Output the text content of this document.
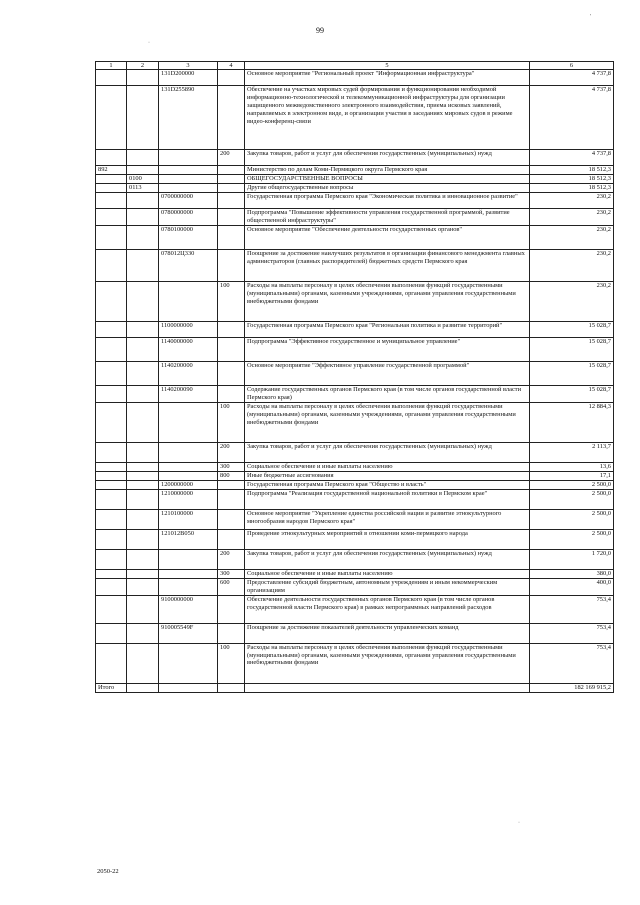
99
'
·
·
1	2	3	4	5	6
		131D200000		Основное мероприятие "Региональный проект "Информационная инфраструктура"	4 737,8
		131D255890		Обеспечение на участках мировых судей формирования и функционирования необходимой информационно-технологической и телекоммуникационной инфраструктуры для организации защищенного межведомственного электронного взаимодействия, приема исковых заявлений, направляемых в электронном виде, и организации участия в заседаниях мировых судов в режиме видео-конференц-связи	4 737,8
			200	Закупка товаров, работ и услуг для обеспечения государственных (муниципальных) нужд	4 737,8
892				Министерство по делам Коми-Пермяцкого округа Пермского края	18 512,3
	0100			ОБЩЕГОСУДАРСТВЕННЫЕ ВОПРОСЫ	18 512,3
	0113			Другие общегосударственные вопросы	18 512,3
		0700000000		Государственная программа Пермского края "Экономическая политика и инновационное развитие"	230,2
		0780000000		Подпрограмма "Повышение эффективности управления государственной программой, развитие общественной инфраструктуры"	230,2
		0780100000		Основное мероприятие "Обеспечение деятельности государственных органов"	230,2
		078012Ц330		Поощрение за достижение наилучших результатов в организации финансового менеджмента главных администраторов (главных распорядителей) бюджетных средств Пермского края	230,2
			100	Расходы на выплаты персоналу в целях обеспечения выполнения функций государственными (муниципальными) органами, казенными учреждениями, органами управления государственными внебюджетными фондами	230,2
		1100000000		Государственная программа Пермского края "Региональная политика и развитие территорий"	15 028,7
		1140000000		Подпрограмма "Эффективное государственное и муниципальное управление"	15 028,7
		1140200000		Основное мероприятие "Эффективное управление государственной программой"	15 028,7
		1140200090		Содержание государственных органов Пермского края (в том числе органов государственной власти Пермского края)	15 028,7
			100	Расходы на выплаты персоналу в целях обеспечения выполнения функций государственными (муниципальными) органами, казенными учреждениями, органами управления государственными внебюджетными фондами	12 884,3
			200	Закупка товаров, работ и услуг для обеспечения государственных (муниципальных) нужд	2 113,7
			300	Социальное обеспечение и иные выплаты населению	13,6
			800	Иные бюджетные ассигнования	17,1
		1200000000		Государственная программа Пермского края "Общество и власть"	2 500,0
		1210000000		Подпрограмма "Реализация государственной национальной политики в Пермском крае"	2 500,0
		1210100000		Основное мероприятие "Укрепление единства российской нации и развитие этнокультурного многообразия народов Пермского края"	2 500,0
		121012В050		Проведение этнокультурных мероприятий в отношении коми-пермяцкого народа	2 500,0
			200	Закупка товаров, работ и услуг для обеспечения государственных (муниципальных) нужд	1 720,0
			300	Социальное обеспечение и иные выплаты населению	380,0
			600	Предоставление субсидий бюджетным, автономным учреждениям и иным некоммерческим организациям	400,0
		9100000000		Обеспечение деятельности государственных органов Пермского края (в том числе органов государственной власти Пермского края) в рамках непрограммных направлений расходов	753,4
		910005549F		Поощрение за достижение показателей деятельности управленческих команд	753,4
			100	Расходы на выплаты персоналу в целях обеспечения выполнения функций государственными (муниципальными) органами, казенными учреждениями, органами управления государственными внебюджетными фондами	753,4
Итого					182 169 915,2
2050-22
